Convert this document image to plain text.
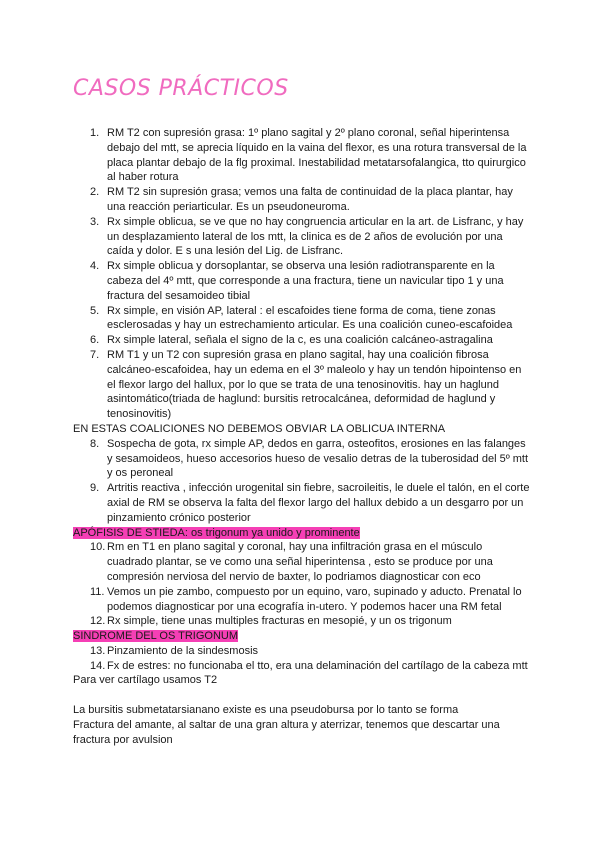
CASOS PRÁCTICOS
1. RM T2 con supresión grasa: 1º plano sagital y 2º plano coronal, señal hiperintensa debajo del mtt, se aprecia líquido en la vaina del flexor, es una rotura transversal de la placa plantar debajo de la flg proximal. Inestabilidad metatarsofalangica, tto quirurgico al haber rotura
2. RM T2 sin supresión grasa; vemos una falta de continuidad de la placa plantar, hay una reacción periarticular. Es un pseudoneuroma.
3. Rx simple oblicua, se ve que no hay congruencia articular en la art. de Lisfranc, y hay un desplazamiento lateral de los mtt, la clinica es de 2 años de evolución por una caída y dolor. E s una lesión del Lig. de Lisfranc.
4. Rx simple oblicua y dorsoplantar, se observa una lesión radiotransparente en la cabeza del 4º mtt, que corresponde a una fractura, tiene un navicular tipo 1 y una fractura del sesamoideo tibial
5. Rx simple, en visión AP, lateral : el escafoides tiene forma de coma, tiene zonas esclerosadas y hay un estrechamiento articular. Es una coalición cuneo-escafoidea
6. Rx simple lateral, señala el signo de la c, es una coalición calcáneo-astragalina
7. RM T1 y un T2 con supresión grasa en plano sagital, hay una coalición fibrosa calcáneo-escafoidea, hay un edema en el 3º maleolo y hay un tendón hipointenso en el flexor largo del hallux, por lo que se trata de una tenosinovitis. hay un haglund asintomático(triada de haglund: bursitis retrocalcánea, deformidad de haglund y tenosinovitis)

EN ESTAS COALICIONES NO DEBEMOS OBVIAR LA OBLICUA INTERNA

8. Sospecha de gota, rx simple AP, dedos en garra, osteofitos, erosiones en las falanges y sesamoideos, hueso accesorios hueso de vesalio detras de la tuberosidad del 5º mtt y os peroneal
9. Artritis reactiva , infección urogenital sin fiebre, sacroileitis, le duele el talón, en el corte axial de RM se observa la falta del flexor largo del hallux debido a un desgarro por un pinzamiento crónico posterior

APÓFISIS DE STIEDA: os trigonum ya unido y prominente

10. Rm en T1 en plano sagital y coronal, hay una infiltración grasa en el músculo cuadrado plantar, se ve como una señal hiperintensa , esto se produce por una compresión nerviosa del nervio de baxter, lo podriamos diagnosticar con eco
11. Vemos un pie zambo, compuesto por un equino, varo, supinado y aducto. Prenatal lo podemos diagnosticar por una ecografía in-utero. Y podemos hacer una RM fetal
12. Rx simple, tiene unas multiples fracturas en mesopié, y un os trigonum

SINDROME DEL OS TRIGONUM

13. Pinzamiento de la sindesmosis
14. Fx de estres: no funcionaba el tto, era una delaminación del cartílago de la cabeza mtt

Para ver cartílago usamos T2

La bursitis submetatarsianano existe es una pseudobursa por lo tanto se forma

Fractura del amante, al saltar de una gran altura y aterrizar, tenemos que descartar una fractura por avulsion
